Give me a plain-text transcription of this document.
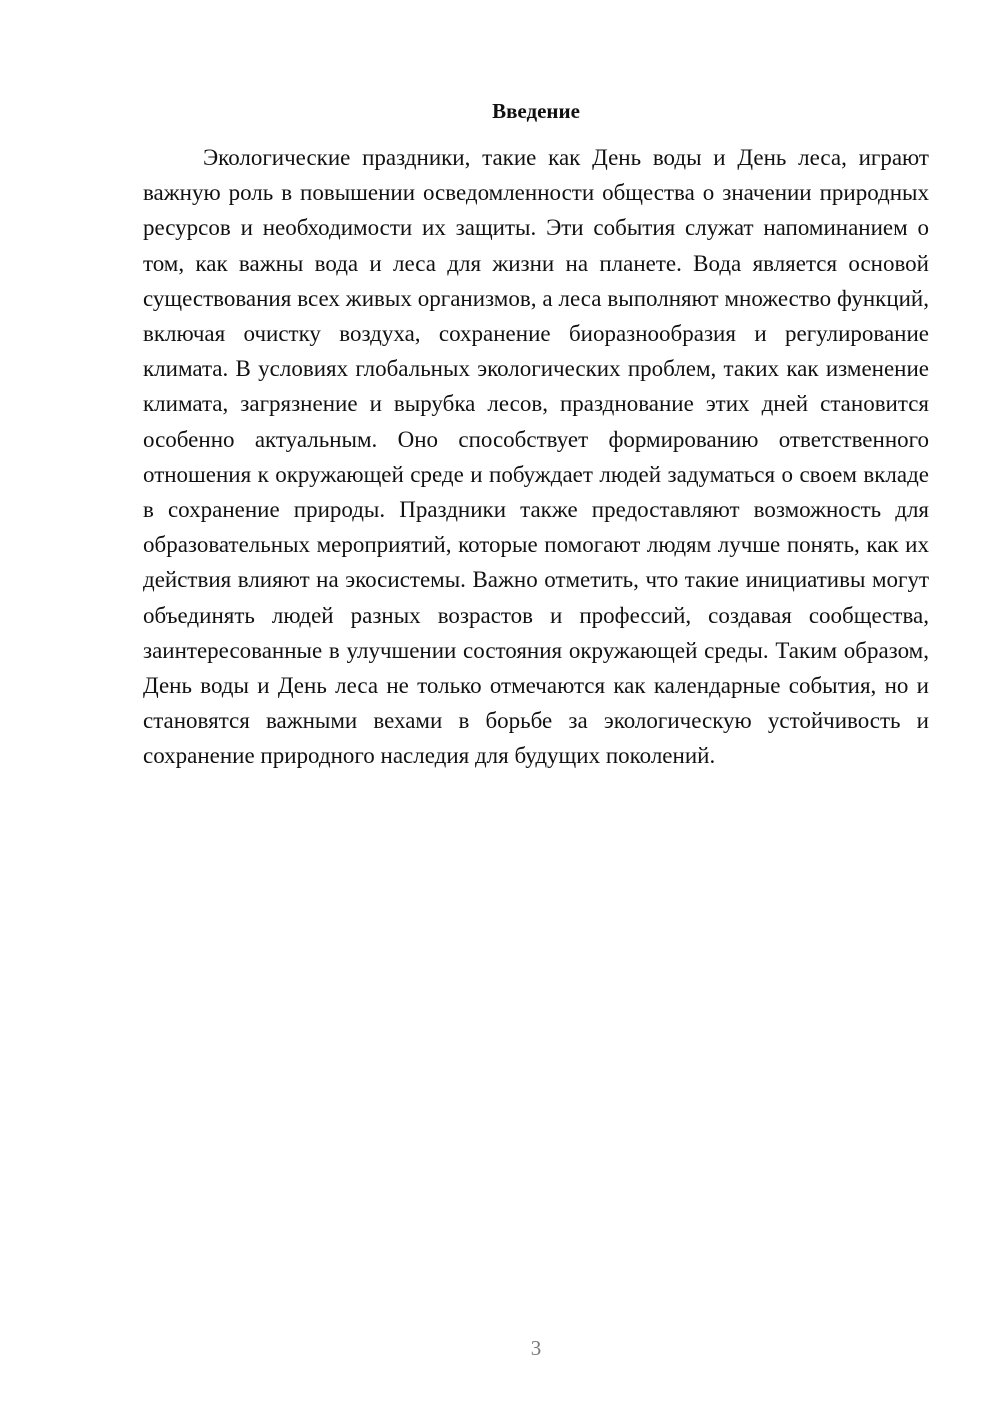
Введение

Экологические праздники, такие как День воды и День леса, играют важную роль в повышении осведомленности общества о значении природных ресурсов и необходимости их защиты. Эти события служат напоминанием о том, как важны вода и леса для жизни на планете. Вода является основой существования всех живых организмов, а леса выполняют множество функций, включая очистку воздуха, сохранение биоразнообразия и регулирование климата. В условиях глобальных экологических проблем, таких как изменение климата, загрязнение и вырубка лесов, празднование этих дней становится особенно актуальным. Оно способствует формированию ответственного отношения к окружающей среде и побуждает людей задуматься о своем вкладе в сохранение природы. Праздники также предоставляют возможность для образовательных мероприятий, которые помогают людям лучше понять, как их действия влияют на экосистемы. Важно отметить, что такие инициативы могут объединять людей разных возрастов и профессий, создавая сообщества, заинтересованные в улучшении состояния окружающей среды. Таким образом, День воды и День леса не только отмечаются как календарные события, но и становятся важными вехами в борьбе за экологическую устойчивость и сохранение природного наследия для будущих поколений.

3
